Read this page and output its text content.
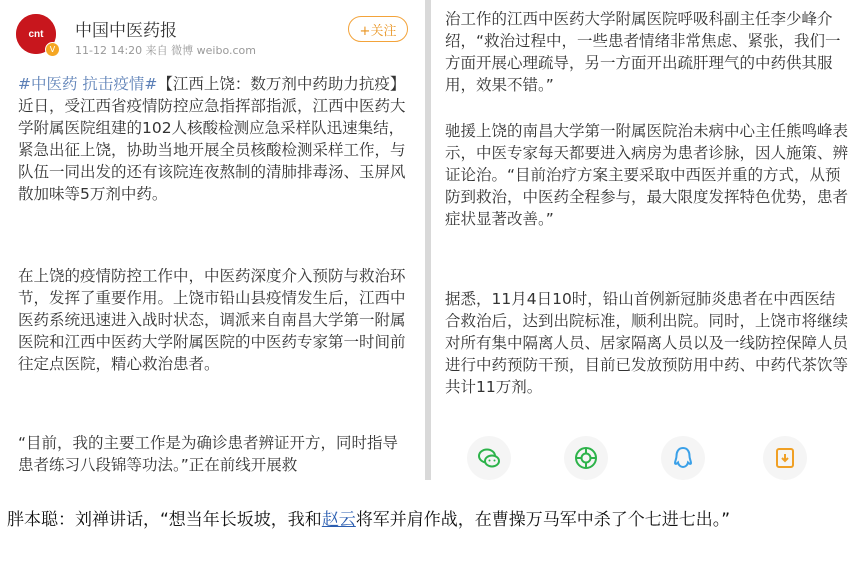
cnt
V
中国中医药报
11-12 14:20 来自 微博 weibo.com
+关注
#中医药 抗击疫情#【江西上饶：数万剂中药助力抗疫】近日，受江西省疫情防控应急指挥部指派，江西中医药大学附属医院组建的102人核酸检测应急采样队迅速集结，紧急出征上饶，协助当地开展全员核酸检测采样工作，与队伍一同出发的还有该院连夜熬制的清肺排毒汤、玉屏风散加味等5万剂中药。
在上饶的疫情防控工作中，中医药深度介入预防与救治环节，发挥了重要作用。上饶市铅山县疫情发生后，江西中医药系统迅速进入战时状态，调派来自南昌大学第一附属医院和江西中医药大学附属医院的中医药专家第一时间前往定点医院，精心救治患者。
“目前，我的主要工作是为确诊患者辨证开方，同时指导患者练习八段锦等功法。”正在前线开展救
治工作的江西中医药大学附属医院呼吸科副主任李少峰介绍，“救治过程中，一些患者情绪非常焦虑、紧张，我们一方面开展心理疏导，另一方面开出疏肝理气的中药供其服用，效果不错。”
驰援上饶的南昌大学第一附属医院治未病中心主任熊鸣峰表示，中医专家每天都要进入病房为患者诊脉，因人施策、辨证论治。“目前治疗方案主要采取中西医并重的方式，从预防到救治，中医药全程参与，最大限度发挥特色优势，患者症状显著改善。”
据悉，11月4日10时，铅山首例新冠肺炎患者在中西医结合救治后，达到出院标准，顺利出院。同时，上饶市将继续对所有集中隔离人员、居家隔离人员以及一线防控保障人员进行中药预防干预，目前已发放预防用中药、中药代茶饮等共计11万剂。
胖本聪：刘禅讲话，“想当年长坂坡，我和赵云将军并肩作战，在曹操万马军中杀了个七进七出。”
